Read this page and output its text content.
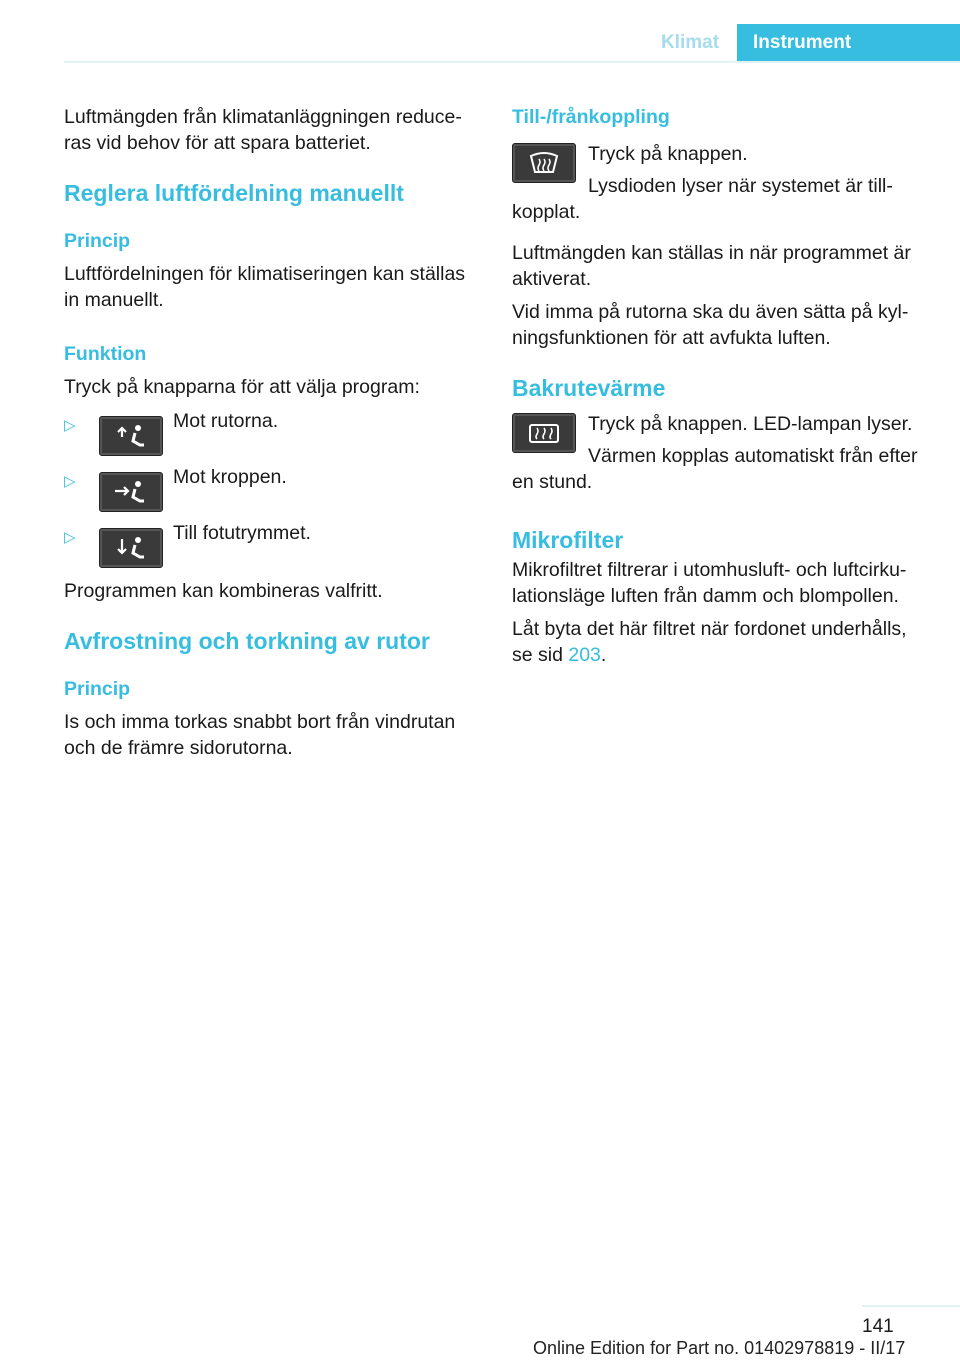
Klimat	Instrument

Luftmängden från klimatanläggningen reduce‐ras vid behov för att spara batteriet.

Reglera luftfördelning manuellt
Princip

Luftfördelningen för klimatiseringen kan ställas in manuellt.

Funktion

Tryck på knapparna för att välja program:

▷	Mot rutorna.

▷	Mot kroppen.

▷	Till fotutrymmet.

Programmen kan kombineras valfritt.

Avfrostning och torkning av rutor
Princip

Is och imma torkas snabbt bort från vindrutan och de främre sidorutorna.

Till-/frånkoppling

Tryck på knappen.

Lysdioden lyser när systemet är till‐

kopplat.

Luftmängden kan ställas in när programmet är aktiverat.

Vid imma på rutorna ska du även sätta på kyl‐ningsfunktionen för att avfukta luften.

Bakrutevärme

Tryck på knappen. LED-lampan lyser.

Värmen kopplas automatiskt från efter

en stund.

Mikrofilter

Mikrofiltret filtrerar i utomhusluft- och luftcirku‐lationsläge luften från damm och blompollen.

Låt byta det här filtret när fordonet underhålls, se sid 203.

141
Online Edition for Part no. 01402978819 - II/17
